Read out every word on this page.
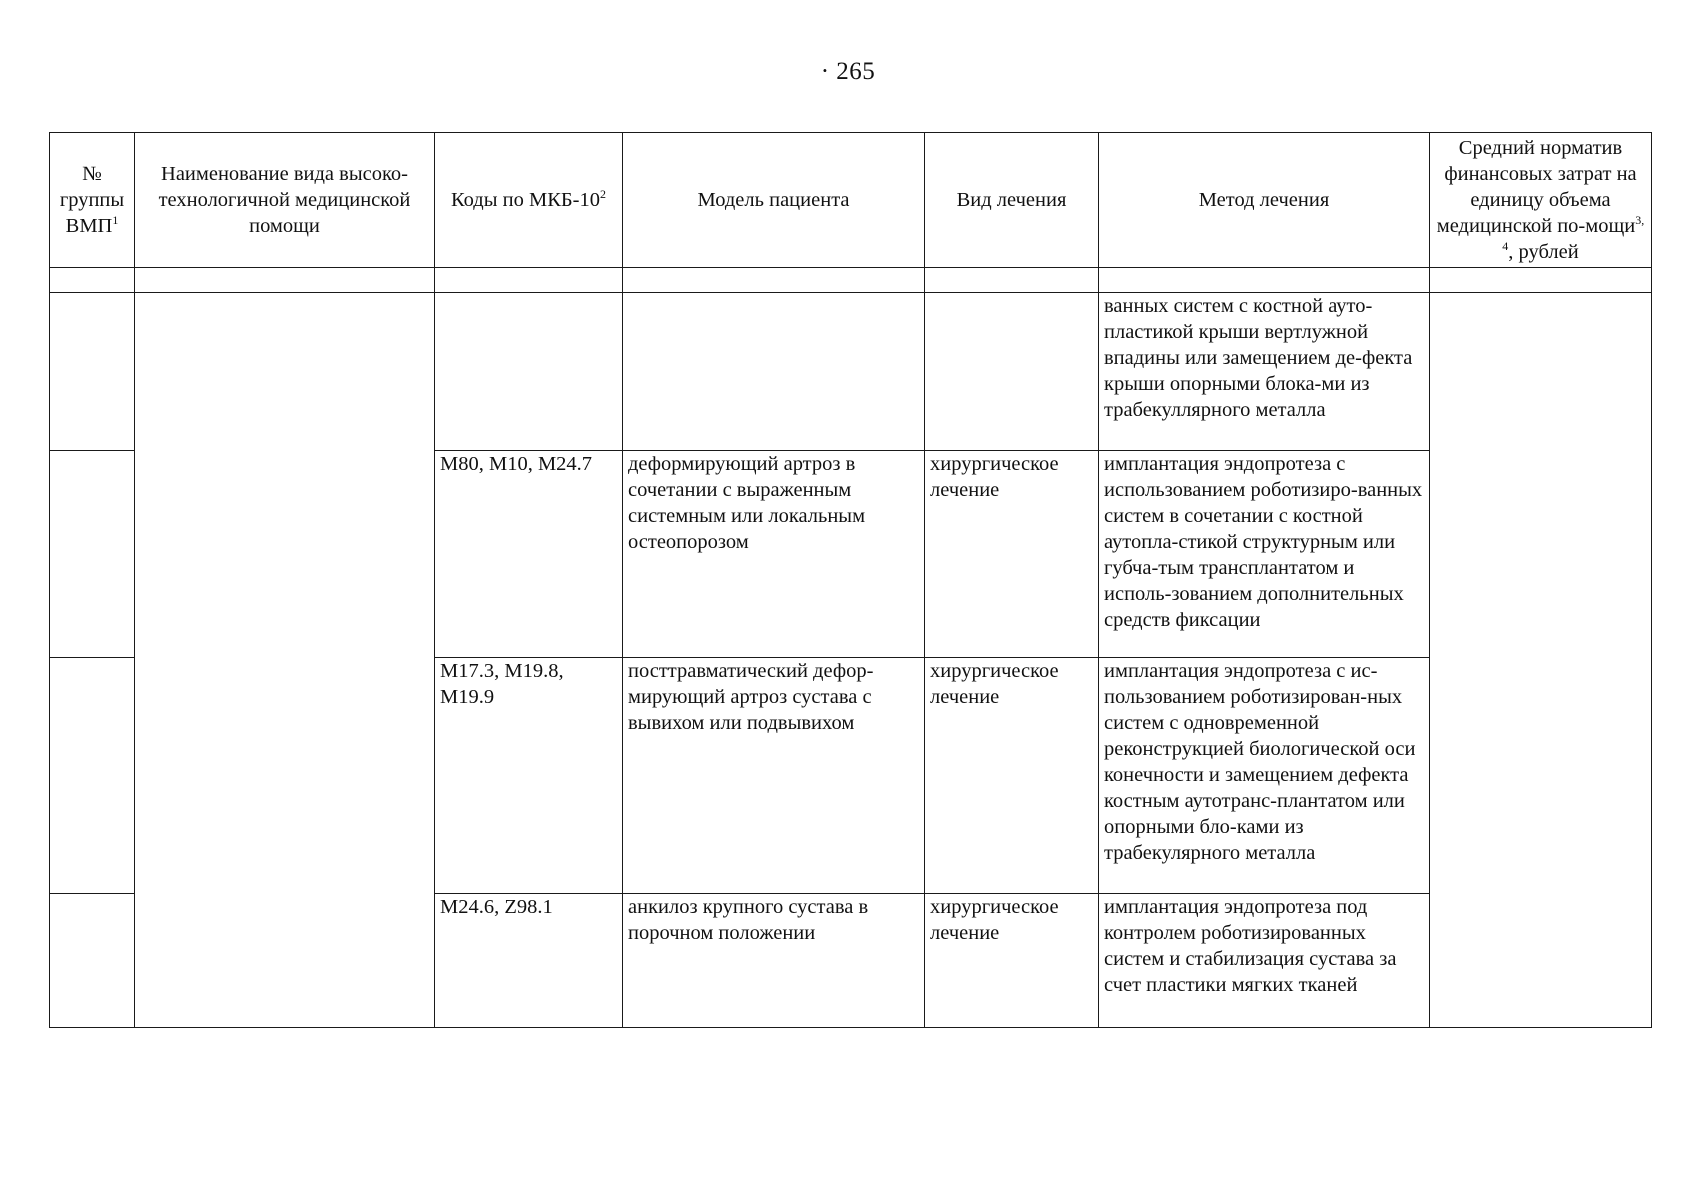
· 265
№ группы ВМП$^1$	Наименование вида высоко-технологичной медицинской помощи	Коды по МКБ-$10^2$	Модель пациента	Вид лечения	Метод лечения	Средний норматив финансовых затрат на единицу объема медицинской по-мощи$^{3, 4}$, рублей

					ванных систем с костной ауто-пластикой крыши вертлужной впадины или замещением де-фекта крыши опорными блока-ми из трабекуллярного металла	
		M80, M10, M24.7	деформирующий артроз в сочетании с выраженным системным или локальным остеопорозом	хирургическое лечение	имплантация эндопротеза с использованием роботизиро-ванных систем в сочетании с костной аутопла-стикой структурным или губча-тым трансплантатом и исполь-зованием дополнительных средств фиксации	
		M17.3, M19.8, M19.9	посттравматический дефор-мирующий артроз сустава с вывихом или подвывихом	хирургическое лечение	имплантация эндопротеза с ис-пользованием роботизирован-ных систем с одновременной реконструкцией биологической оси конечности и замещением дефекта костным аутотранс-плантатом или опорными бло-ками из трабекулярного металла	
		M24.6, Z98.1	анкилоз крупного сустава в порочном положении	хирургическое лечение	имплантация эндопротеза под контролем роботизированных систем и стабилизация сустава за счет пластики мягких тканей	
